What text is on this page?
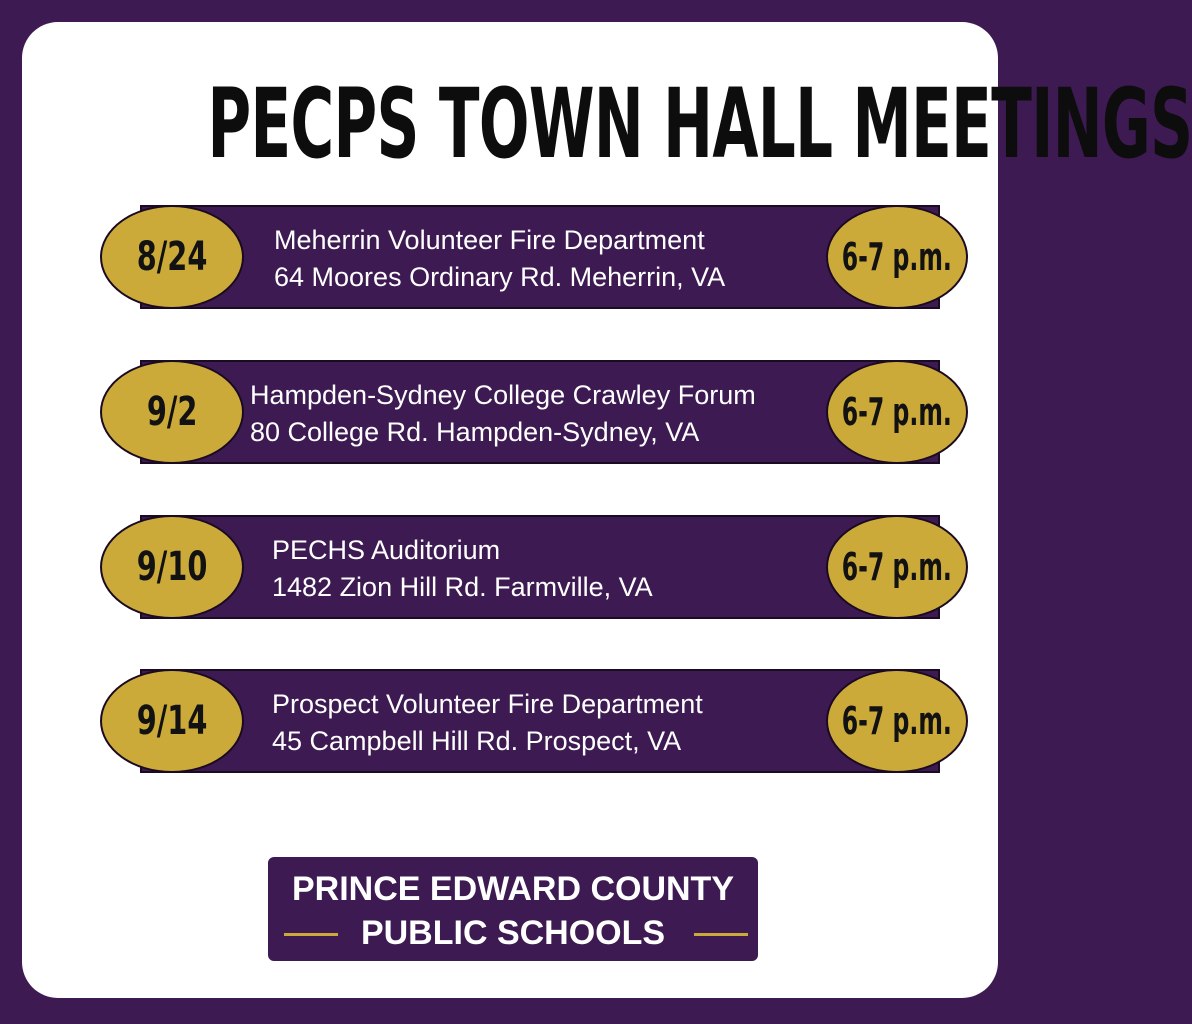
PECPS TOWN HALL MEETINGS
Meherrin Volunteer Fire Department
64 Moores Ordinary Rd. Meherrin, VA
8/24	6-7 p.m.
Hampden-Sydney College Crawley Forum
80 College Rd. Hampden-Sydney, VA
9/2	6-7 p.m.
PECHS Auditorium
1482 Zion Hill Rd. Farmville, VA
9/10	6-7 p.m.
Prospect Volunteer Fire Department
45 Campbell Hill Rd. Prospect, VA
9/14	6-7 p.m.
PRINCE EDWARD COUNTY
PUBLIC SCHOOLS
